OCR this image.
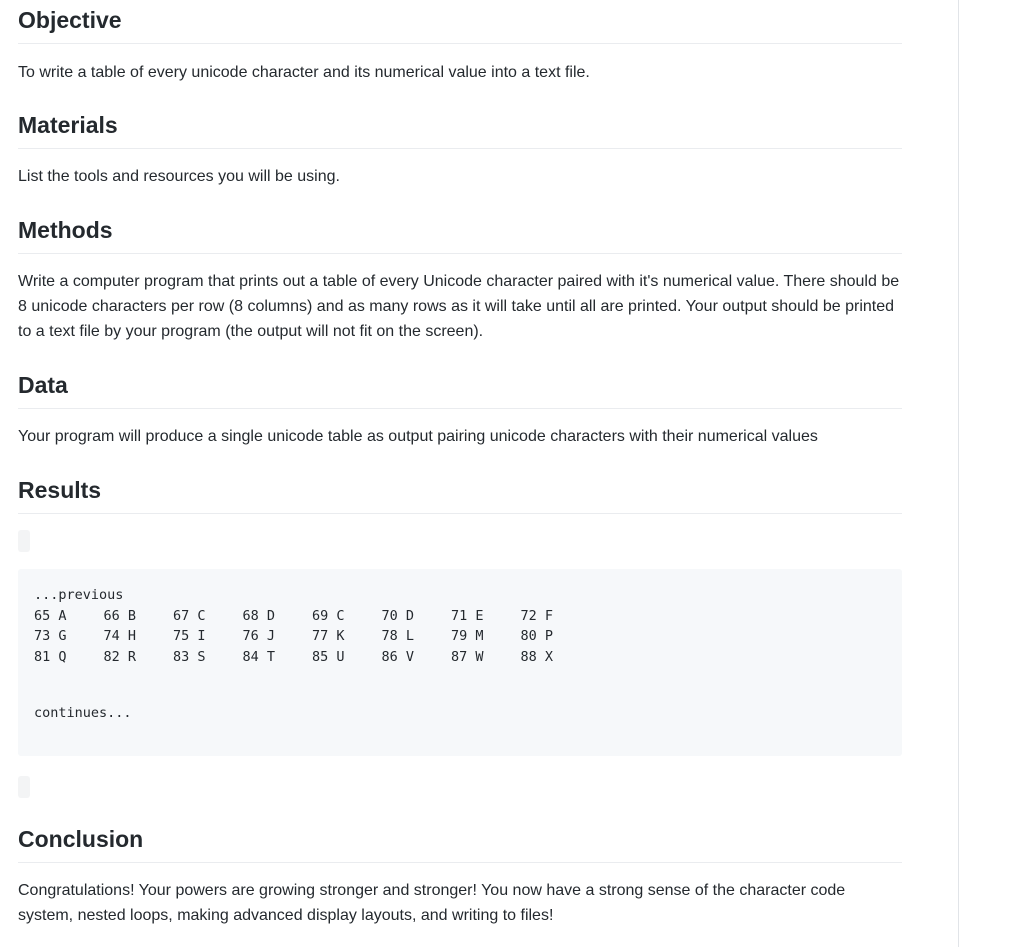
Objective

To write a table of every unicode character and its numerical value into a text file.

Materials

List the tools and resources you will be using.

Methods

Write a computer program that prints out a table of every Unicode character paired with it's numerical value. There should be 8 unicode characters per row (8 columns) and as many rows as it will take until all are printed. Your output should be printed to a text file by your program (the output will not fit on the screen).

Data

Your program will produce a single unicode table as output pairing unicode characters with their numerical values

Results
...previous
65 A	66 B	67 C	68 D	69 C	70 D	71 E	72 F
73 G	74 H	75 I	76 J	77 K	78 L	79 M	80 P
81 Q	82 R	83 S	84 T	85 U	86 V	87 W	88 X
continues...
Conclusion

Congratulations! Your powers are growing stronger and stronger! You now have a strong sense of the character code system, nested loops, making advanced display layouts, and writing to files!
